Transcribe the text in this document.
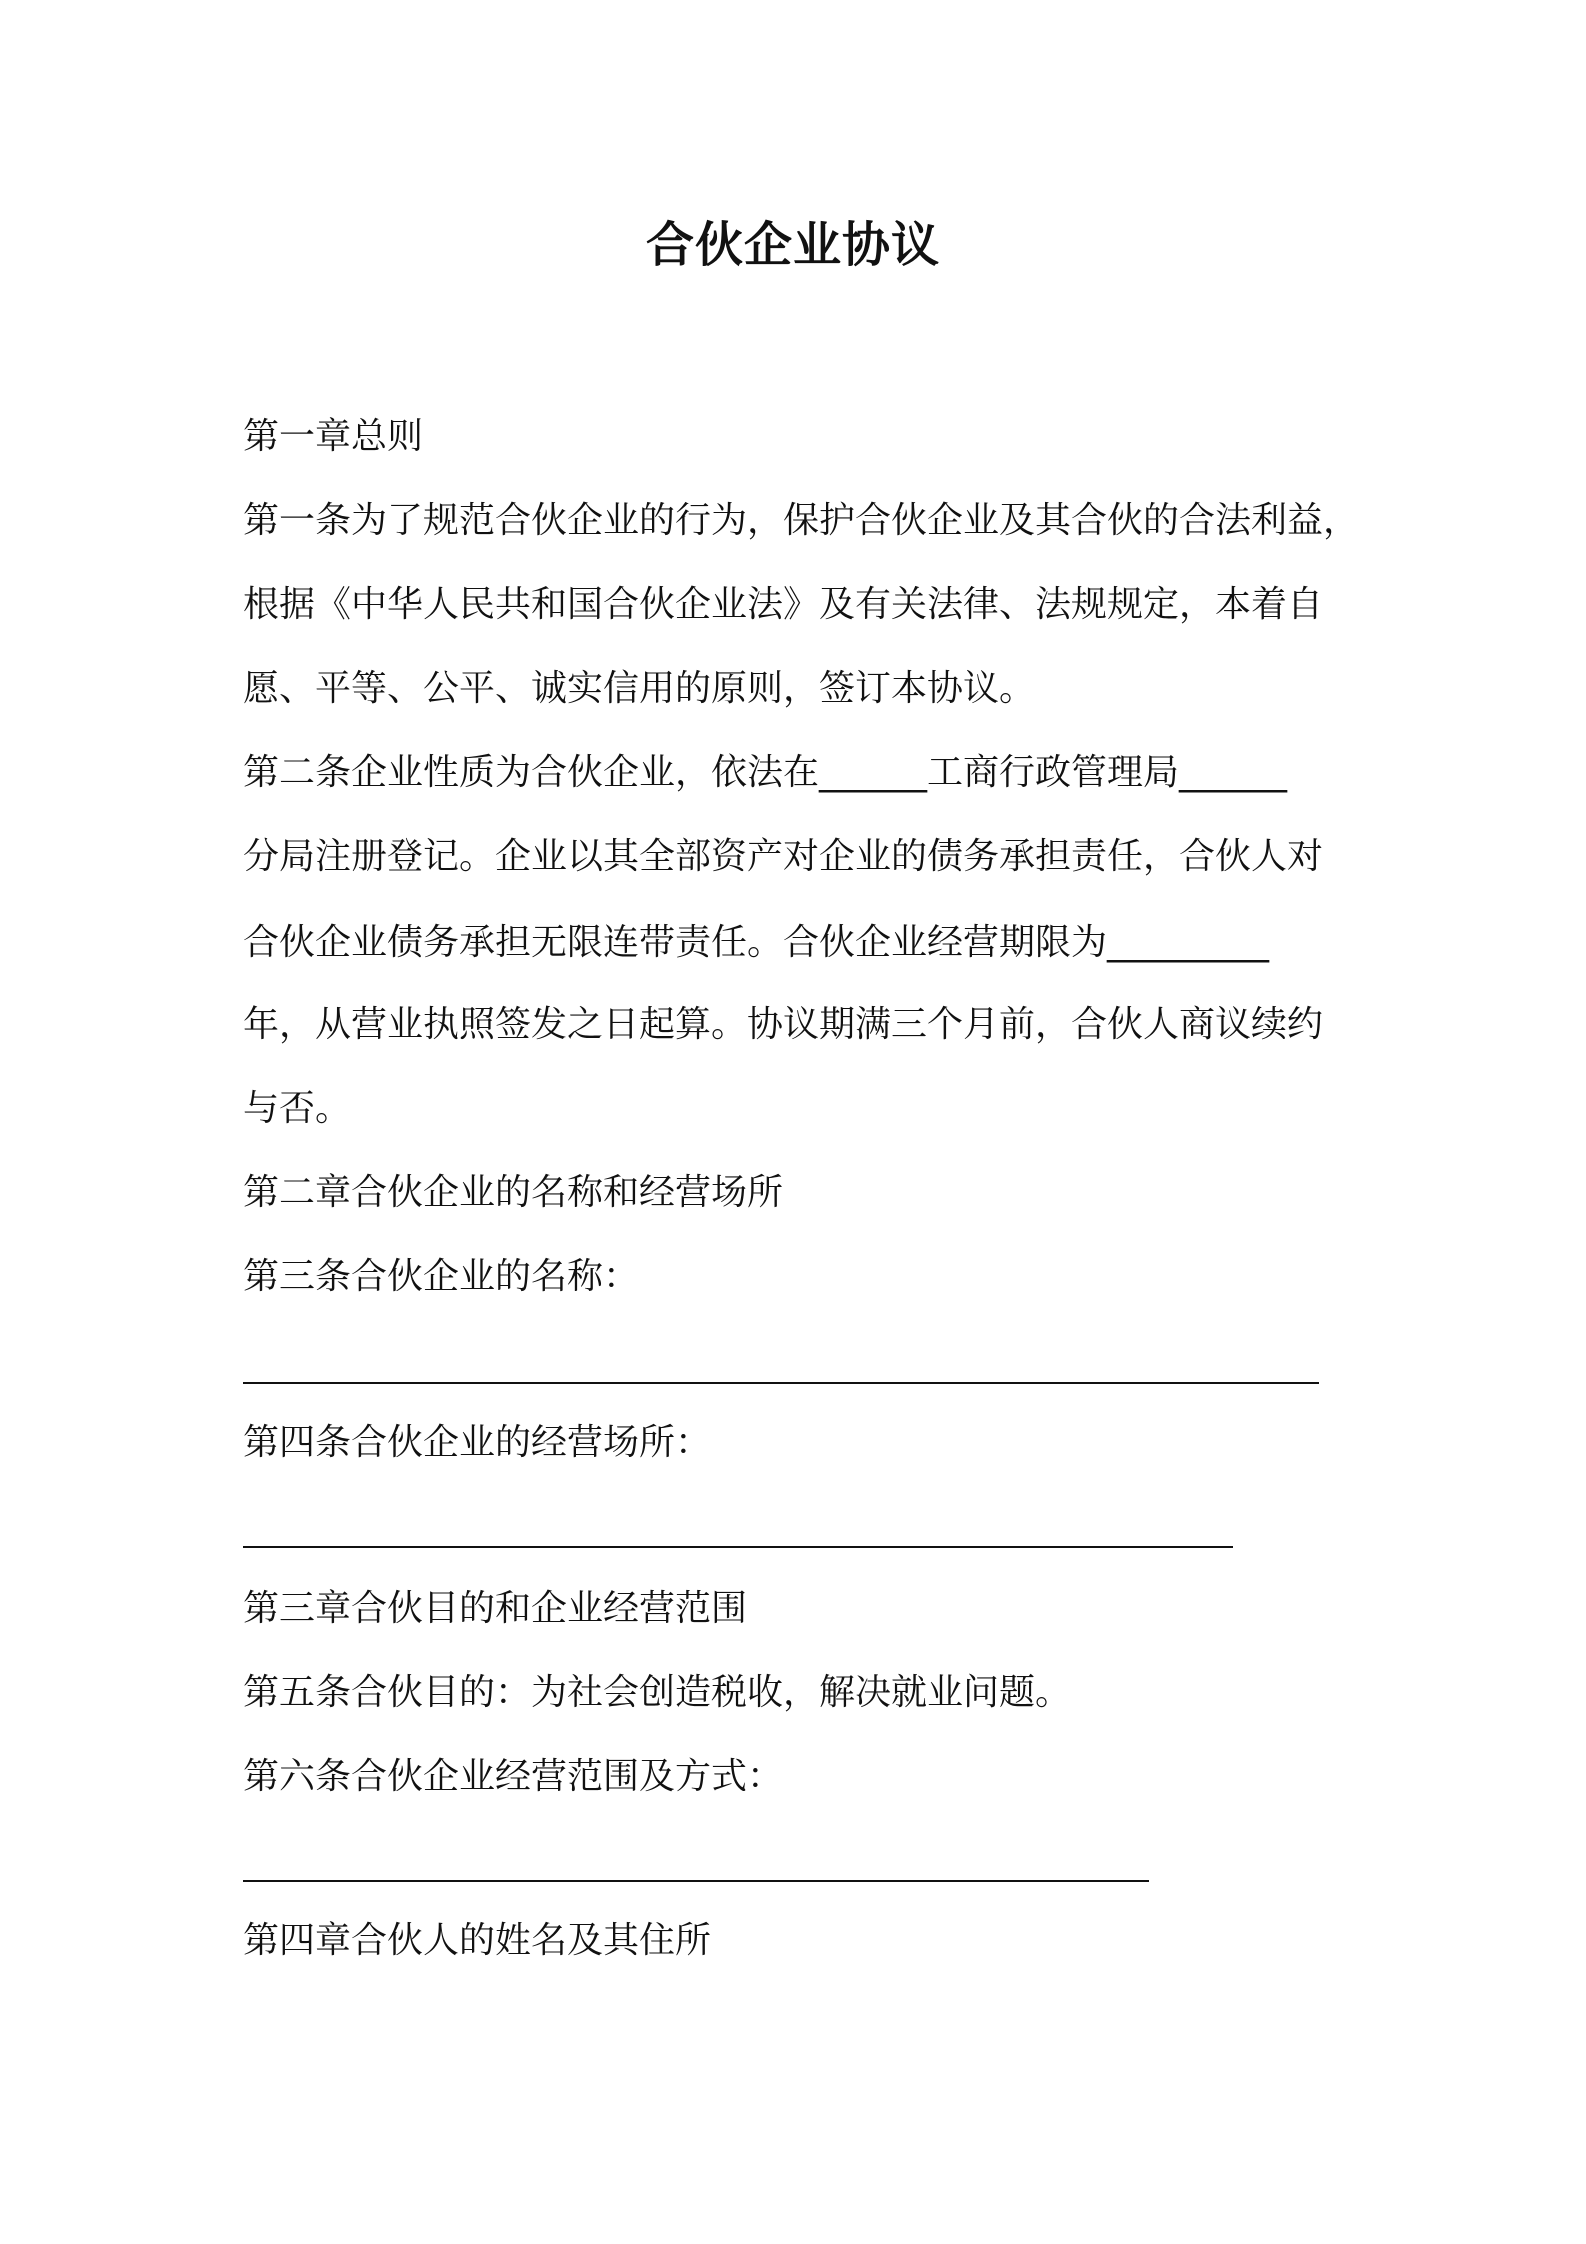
合伙企业协议

第一章总则

第一条为了规范合伙企业的行为，保护合伙企业及其合伙的合法利益，

根据《中华人民共和国合伙企业法》及有关法律、法规规定，本着自

愿、平等、公平、诚实信用的原则，签订本协议。

第二条企业性质为合伙企业，依法在______工商行政管理局______

分局注册登记。企业以其全部资产对企业的债务承担责任，合伙人对

合伙企业债务承担无限连带责任。合伙企业经营期限为_________

年，从营业执照签发之日起算。协议期满三个月前，合伙人商议续约

与否。

第二章合伙企业的名称和经营场所

第三条合伙企业的名称：

第四条合伙企业的经营场所：

第三章合伙目的和企业经营范围

第五条合伙目的：为社会创造税收，解决就业问题。

第六条合伙企业经营范围及方式：

第四章合伙人的姓名及其住所
